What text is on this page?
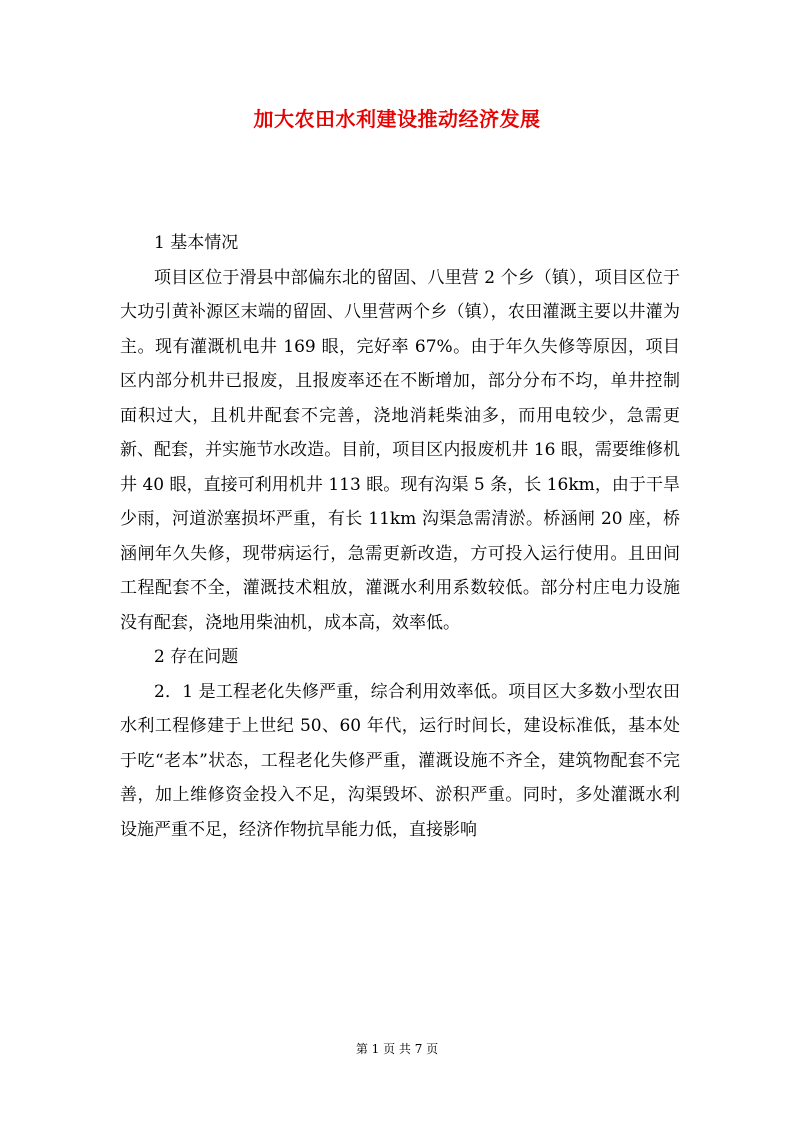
加大农田水利建设推动经济发展

1 基本情况

项目区位于滑县中部偏东北的留固、八里营 2 个乡（镇），项目区位于大功引黄补源区末端的留固、八里营两个乡（镇），农田灌溉主要以井灌为主。现有灌溉机电井 169 眼，完好率 67%。由于年久失修等原因，项目区内部分机井已报废，且报废率还在不断增加，部分分布不均，单井控制面积过大，且机井配套不完善，浇地消耗柴油多，而用电较少，急需更新、配套，并实施节水改造。目前，项目区内报废机井 16 眼，需要维修机井 40 眼，直接可利用机井 113 眼。现有沟渠 5 条，长 16km，由于干旱少雨，河道淤塞损坏严重，有长 11km 沟渠急需清淤。桥涵闸 20 座，桥涵闸年久失修，现带病运行，急需更新改造，方可投入运行使用。且田间工程配套不全，灌溉技术粗放，灌溉水利用系数较低。部分村庄电力设施没有配套，浇地用柴油机，成本高，效率低。

2 存在问题

2．1 是工程老化失修严重，综合利用效率低。项目区大多数小型农田水利工程修建于上世纪 50、60 年代，运行时间长，建设标准低，基本处于吃“老本”状态，工程老化失修严重，灌溉设施不齐全，建筑物配套不完善，加上维修资金投入不足，沟渠毁坏、淤积严重。同时，多处灌溉水利设施严重不足，经济作物抗旱能力低，直接影响

第 1 页 共 7 页
